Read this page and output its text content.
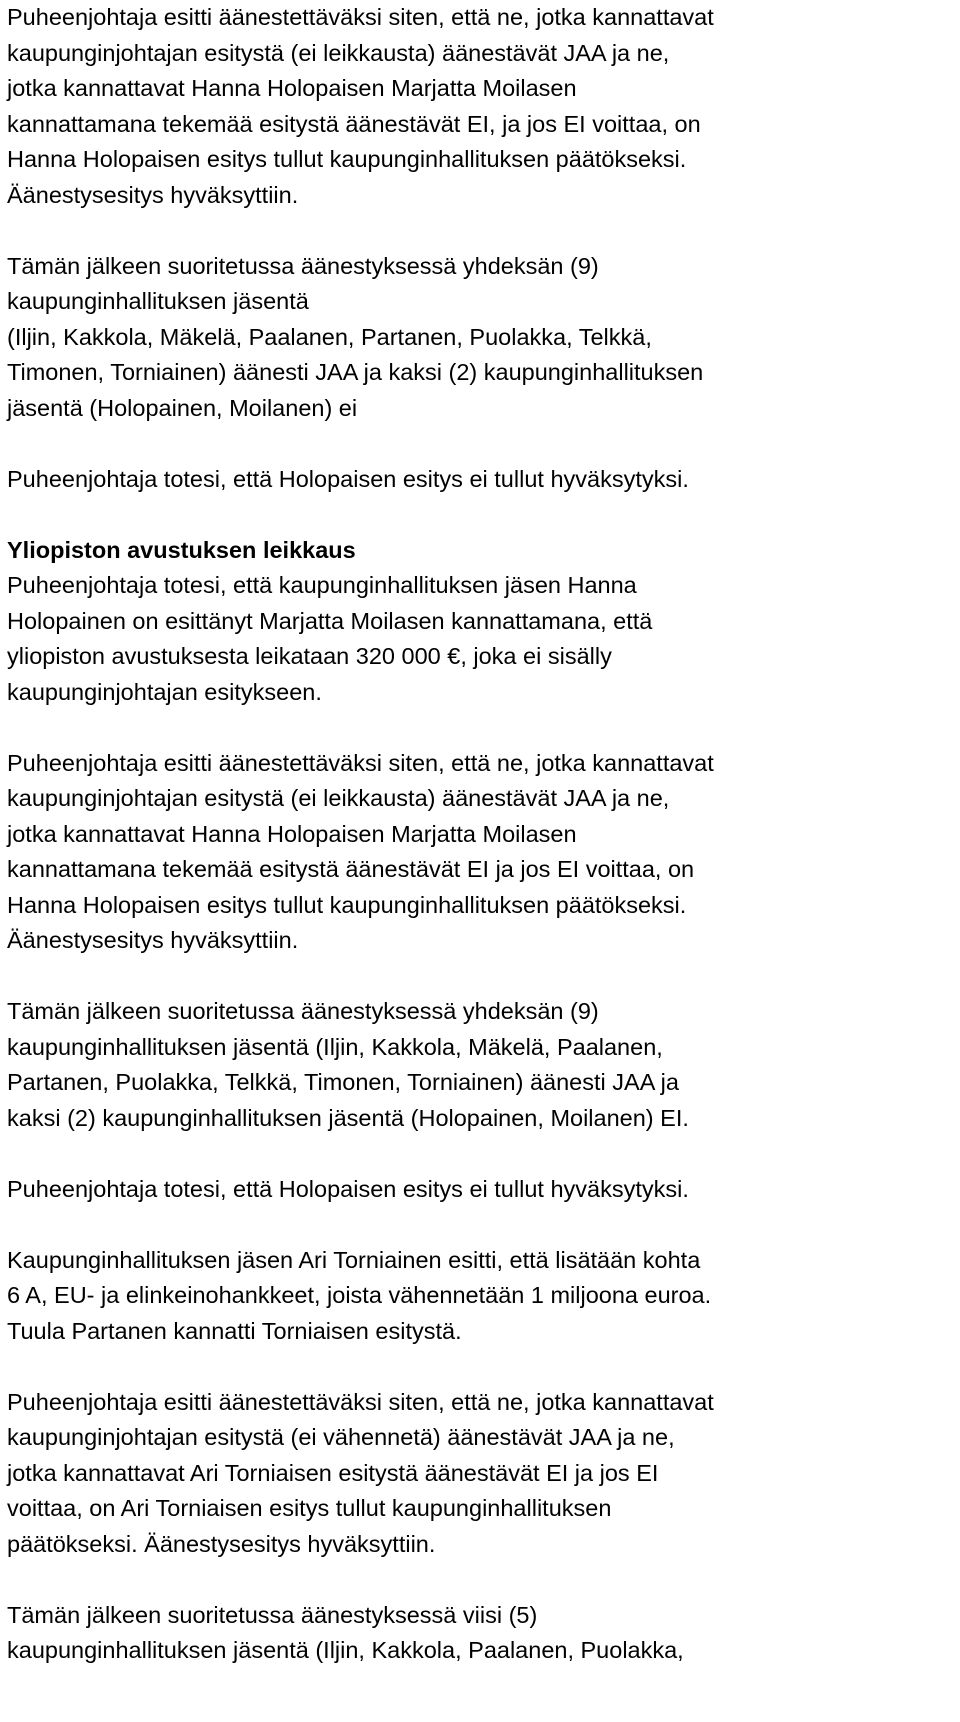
Puheenjohtaja esitti äänestettäväksi siten, että ne, jotka kannattavat
kaupunginjohtajan esitystä (ei leikkausta) äänestävät JAA ja ne,
jotka kannattavat Hanna Holopaisen Marjatta Moilasen
kannattamana tekemää esitystä äänestävät EI, ja jos EI voittaa, on
Hanna Holopaisen esitys tullut kaupunginhallituksen päätökseksi.
Äänestysesitys hyväksyttiin.
Tämän jälkeen suoritetussa äänestyksessä yhdeksän (9)
kaupunginhallituksen jäsentä
(Iljin, Kakkola, Mäkelä, Paalanen, Partanen, Puolakka, Telkkä,
Timonen, Torniainen) äänesti JAA ja kaksi (2) kaupunginhallituksen
jäsentä (Holopainen, Moilanen) ei
Puheenjohtaja totesi, että Holopaisen esitys ei tullut hyväksytyksi.
Yliopiston avustuksen leikkaus
Puheenjohtaja totesi, että kaupunginhallituksen jäsen Hanna
Holopainen on esittänyt Marjatta Moilasen kannattamana, että
yliopiston avustuksesta leikataan 320 000 €, joka ei sisälly
kaupunginjohtajan esitykseen.
Puheenjohtaja esitti äänestettäväksi siten, että ne, jotka kannattavat
kaupunginjohtajan esitystä (ei leikkausta) äänestävät JAA ja ne,
jotka kannattavat Hanna Holopaisen Marjatta Moilasen
kannattamana tekemää esitystä äänestävät EI ja jos EI voittaa, on
Hanna Holopaisen esitys tullut kaupunginhallituksen päätökseksi.
Äänestysesitys hyväksyttiin.
Tämän jälkeen suoritetussa äänestyksessä yhdeksän (9)
kaupunginhallituksen jäsentä (Iljin, Kakkola, Mäkelä, Paalanen,
Partanen, Puolakka, Telkkä, Timonen, Torniainen) äänesti JAA ja
kaksi (2) kaupunginhallituksen jäsentä (Holopainen, Moilanen) EI.
Puheenjohtaja totesi, että Holopaisen esitys ei tullut hyväksytyksi.
Kaupunginhallituksen jäsen Ari Torniainen esitti, että lisätään kohta
6 A, EU- ja elinkeinohankkeet, joista vähennetään 1 miljoona euroa.
Tuula Partanen kannatti Torniaisen esitystä.
Puheenjohtaja esitti äänestettäväksi siten, että ne, jotka kannattavat
kaupunginjohtajan esitystä (ei vähennetä) äänestävät JAA ja ne,
jotka kannattavat Ari Torniaisen esitystä äänestävät EI ja jos EI
voittaa, on Ari Torniaisen esitys tullut kaupunginhallituksen
päätökseksi. Äänestysesitys hyväksyttiin.
Tämän jälkeen suoritetussa äänestyksessä viisi (5)
kaupunginhallituksen jäsentä (Iljin, Kakkola, Paalanen, Puolakka,
